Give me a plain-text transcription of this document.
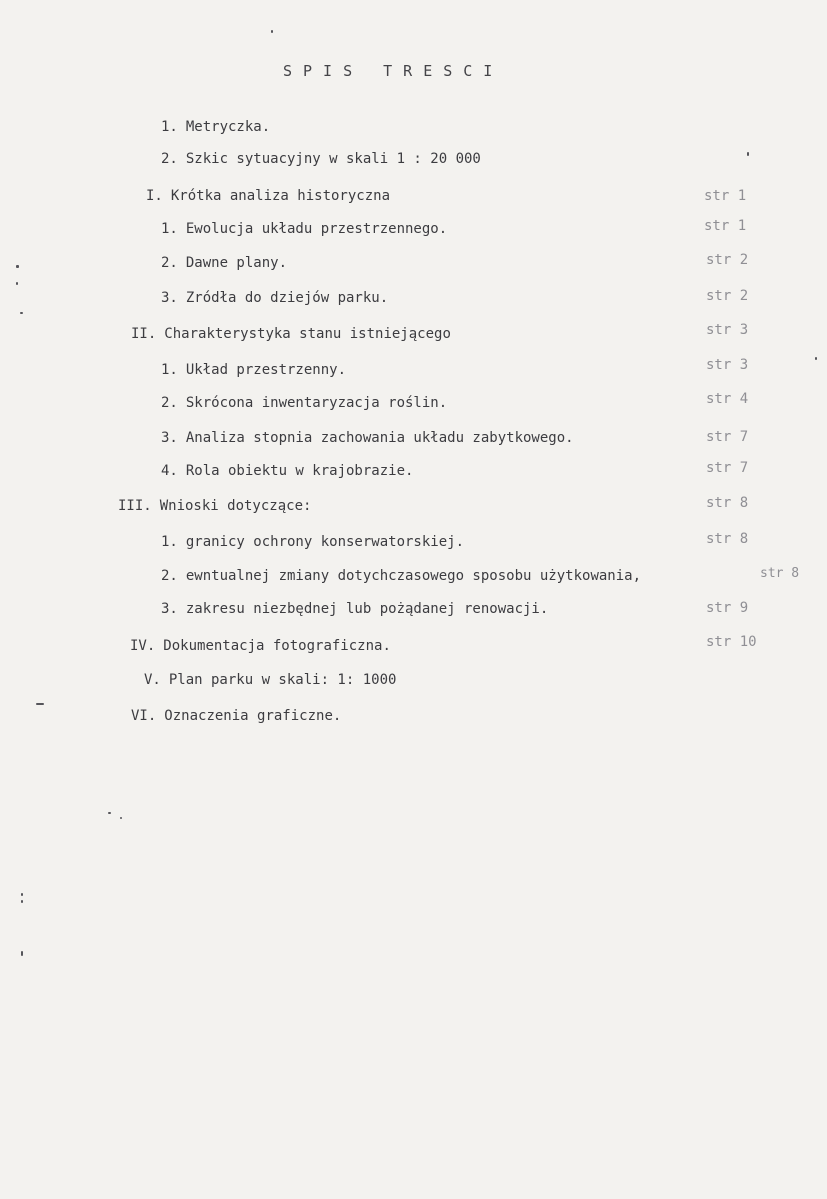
SPIS TRESCI
1. Metryczka.
2. Szkic sytuacyjny w skali 1 : 20 000
I. Krótka analiza historyczna	str 1
1. Ewolucja układu przestrzennego.	str 1
2. Dawne plany.	str 2
3. Zródła do dziejów parku.	str 2
II. Charakterystyka stanu istniejącego	str 3
1. Układ przestrzenny.	str 3
2. Skrócona inwentaryzacja roślin.	str 4
3. Analiza stopnia zachowania układu zabytkowego.	str 7
4. Rola obiektu w krajobrazie.	str 7
III. Wnioski dotyczące:	str 8
1. granicy ochrony konserwatorskiej.	str 8
2. ewntualnej zmiany dotychczasowego sposobu użytkowania,	str 8
3. zakresu niezbędnej lub pożądanej renowacji.	str 9
IV. Dokumentacja fotograficzna.	str 10
V. Plan parku w skali: 1: 1000
VI. Oznaczenia graficzne.
